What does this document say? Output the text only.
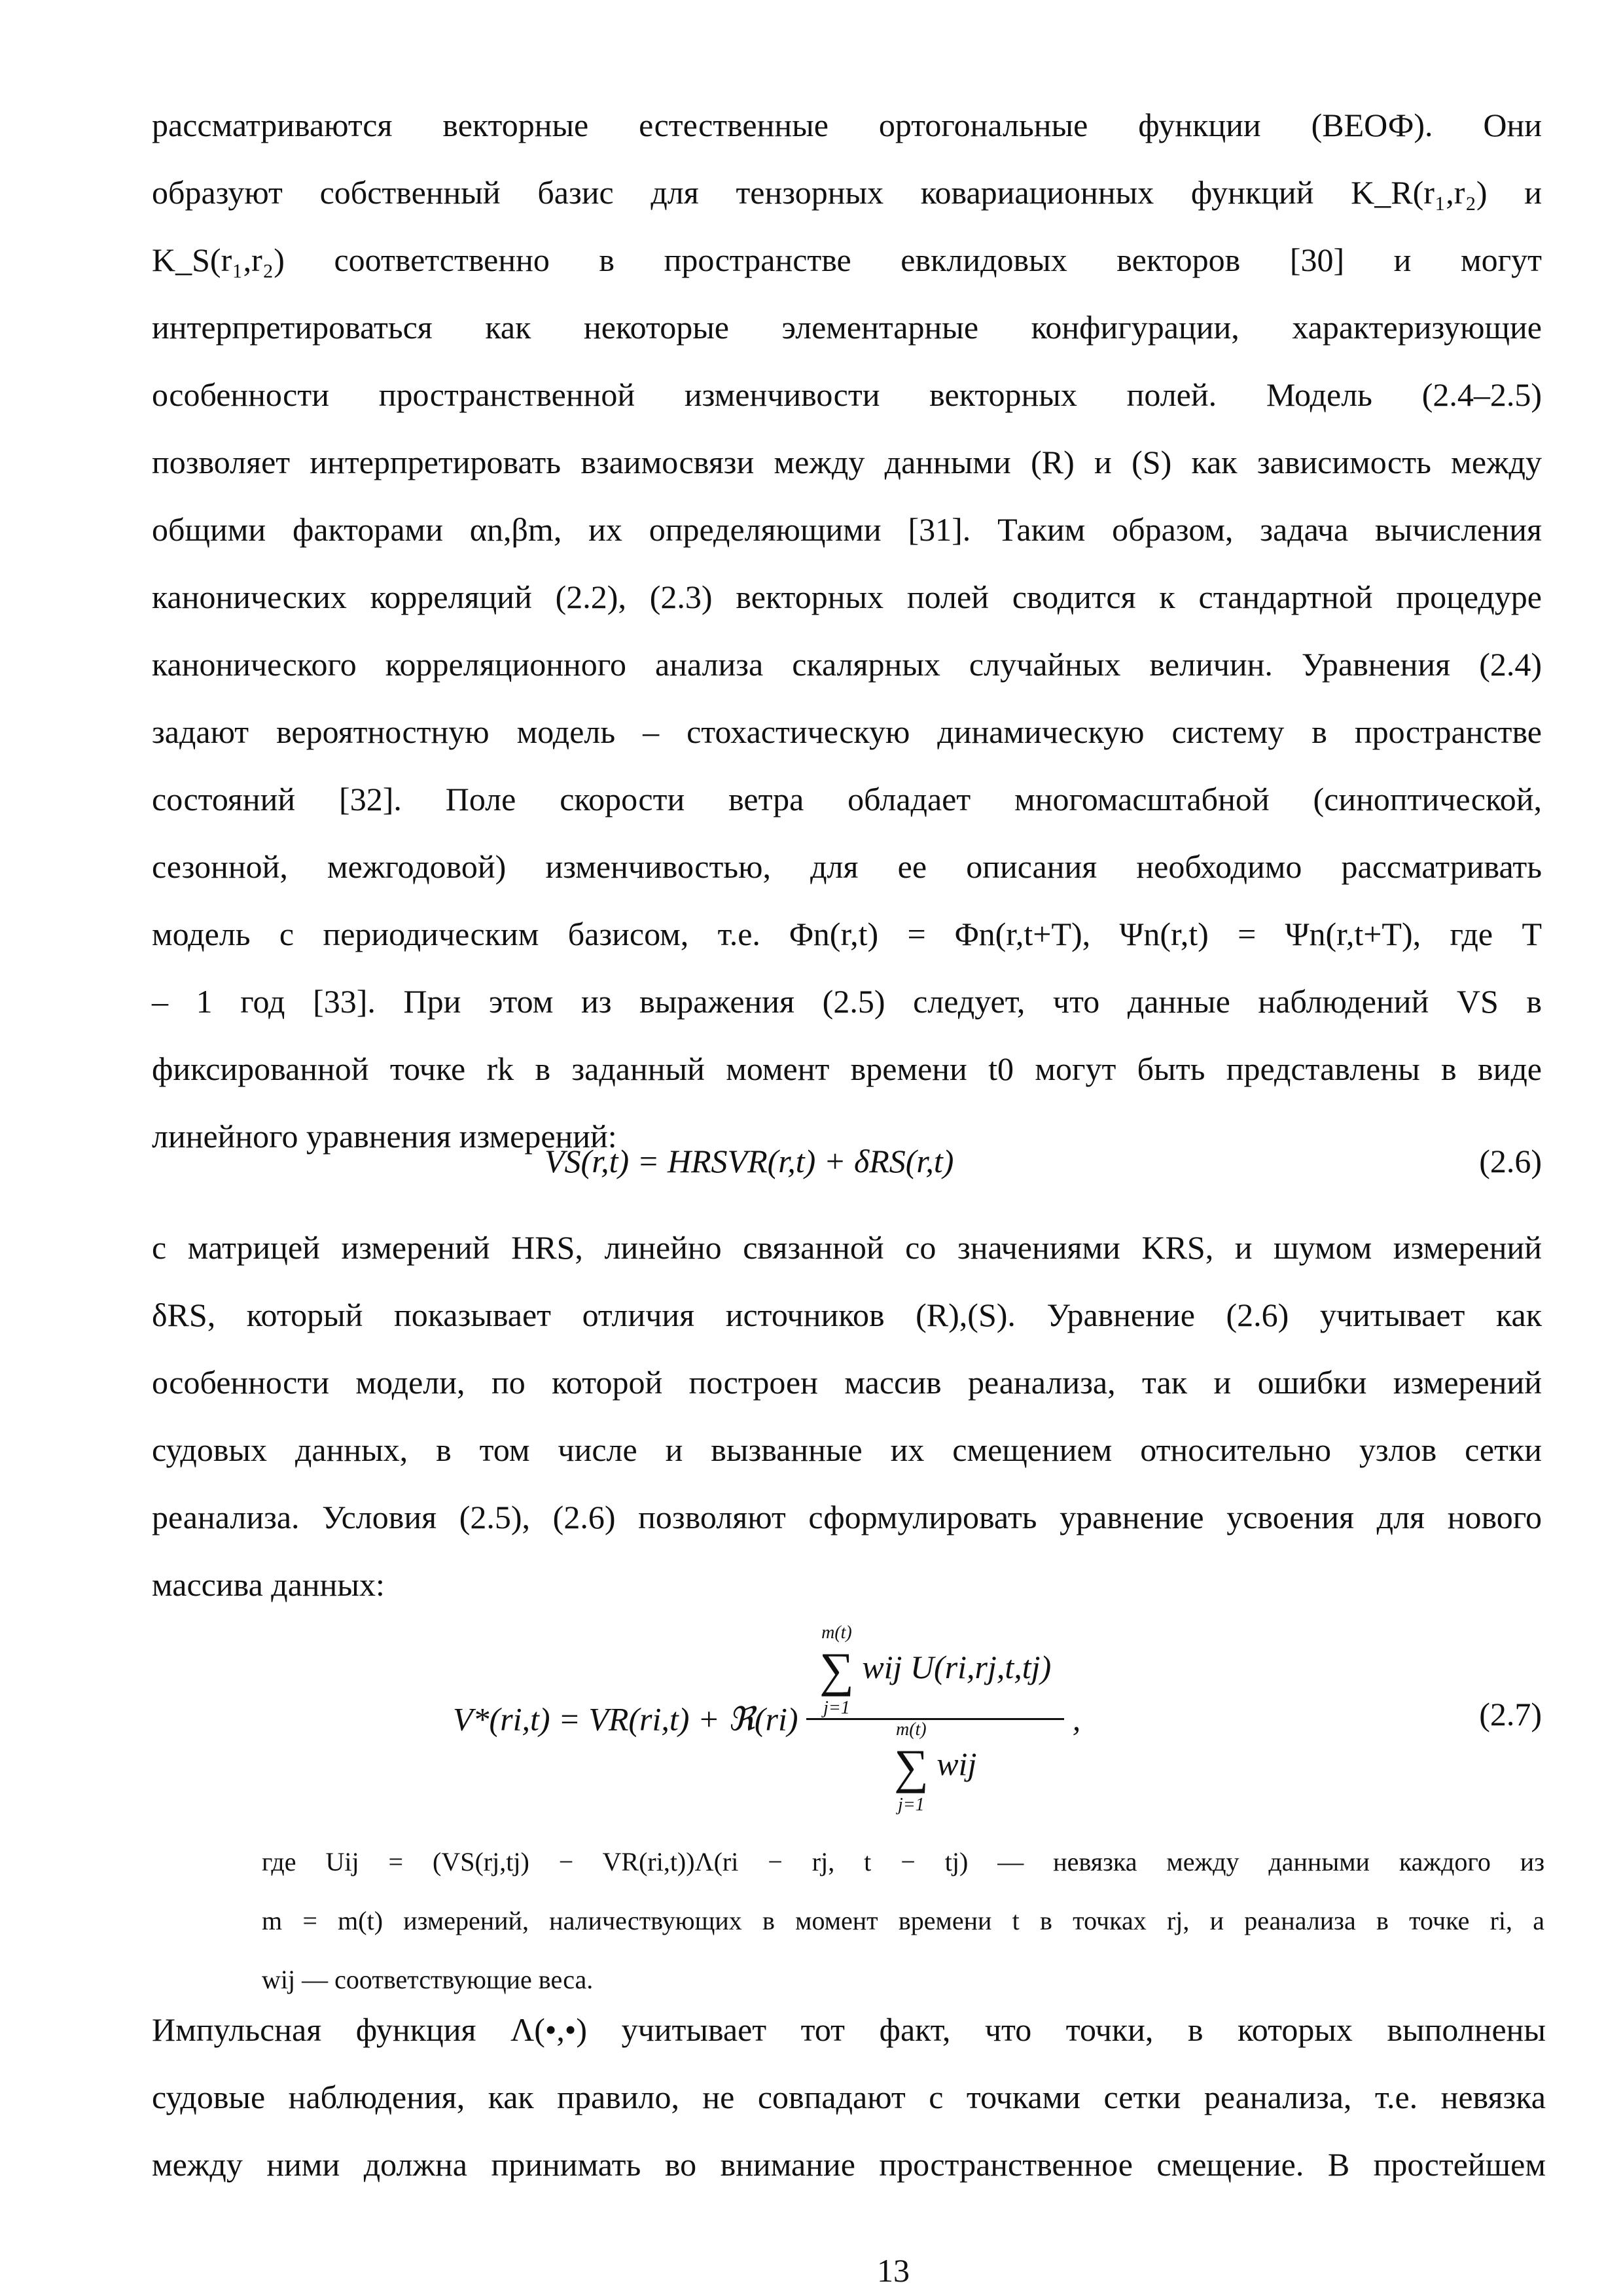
рассматриваются векторные естественные ортогональные функции (ВЕОФ). Они
образуют собственный базис для тензорных ковариационных функций K_R(r₁,r₂) и
K_S(r₁,r₂) соответственно в пространстве евклидовых векторов [30] и могут
интерпретироваться как некоторые элементарные конфигурации, характеризующие
особенности пространственной изменчивости векторных полей. Модель (2.4–2.5)
позволяет интерпретировать взаимосвязи между данными (R) и (S) как зависимость между
общими факторами αn,βm, их определяющими [31]. Таким образом, задача вычисления
канонических корреляций (2.2), (2.3) векторных полей сводится к стандартной процедуре
канонического корреляционного анализа скалярных случайных величин. Уравнения (2.4)
задают вероятностную модель – стохастическую динамическую систему в пространстве
состояний [32]. Поле скорости ветра обладает многомасштабной (синоптической,
сезонной, межгодовой) изменчивостью, для ее описания необходимо рассматривать
модель с периодическим базисом, т.е. Φn(r,t) = Φn(r,t+T), Ψn(r,t) = Ψn(r,t+T), где T
– 1 год [33]. При этом из выражения (2.5) следует, что данные наблюдений VS в
фиксированной точке rk в заданный момент времени t0 могут быть представлены в виде
линейного уравнения измерений:
VS(r,t) = HRSVR(r,t) + δRS(r,t)	(2.6)
с матрицей измерений HRS, линейно связанной со значениями KRS, и шумом измерений
δRS, который показывает отличия источников (R),(S). Уравнение (2.6) учитывает как
особенности модели, по которой построен массив реанализа, так и ошибки измерений
судовых данных, в том числе и вызванные их смещением относительно узлов сетки
реанализа. Условия (2.5), (2.6) позволяют сформулировать уравнение усвоения для нового
массива данных:
V*(ri,t) = VR(ri,t) + ℜ(ri)
m(t)
∑
j=1
wij U(ri,rj,t,tj)
m(t)
∑
j=1
wij
,	(2.7)
где Uij = (VS(rj,tj) − VR(ri,t))Λ(ri − rj, t − tj) — невязка между данными каждого из
m = m(t) измерений, наличествующих в момент времени t в точках rj, и реанализа в точке ri, а
wij — соответствующие веса.
Импульсная функция Λ(•,•) учитывает тот факт, что точки, в которых выполнены
судовые наблюдения, как правило, не совпадают с точками сетки реанализа, т.е. невязка
между ними должна принимать во внимание пространственное смещение. В простейшем
13
